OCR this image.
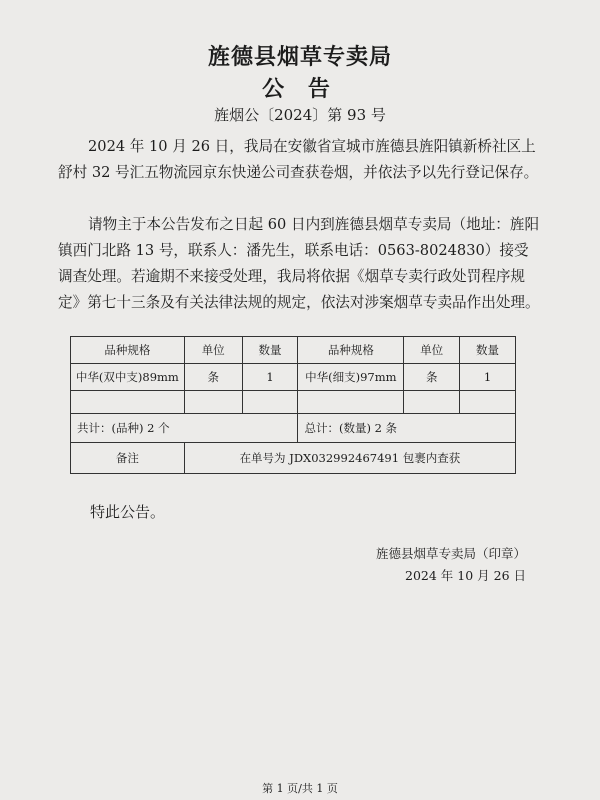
旌德县烟草专卖局
公 告
旌烟公〔2024〕第 93 号

2024 年 10 月 26 日，我局在安徽省宣城市旌德县旌阳镇新桥社区上舒村 32 号汇五物流园京东快递公司查获卷烟，并依法予以先行登记保存。

请物主于本公告发布之日起 60 日内到旌德县烟草专卖局（地址：旌阳镇西门北路 13 号，联系人：潘先生，联系电话：0563-8024830）接受调查处理。若逾期不来接受处理，我局将依据《烟草专卖行政处罚程序规定》第七十三条及有关法律法规的规定，依法对涉案烟草专卖品作出处理。

品种规格	单位	数量	品种规格	单位	数量
中华(双中支)89mm	条	1	中华(细支)97mm	条	1

共计：(品种) 2 个			总计：(数量) 2 条		
备注	在单号为 JDX032992467491 包裹内查获				
特此公告。
旌德县烟草专卖局（印章）
2024 年 10 月 26 日
第 1 页/共 1 页
